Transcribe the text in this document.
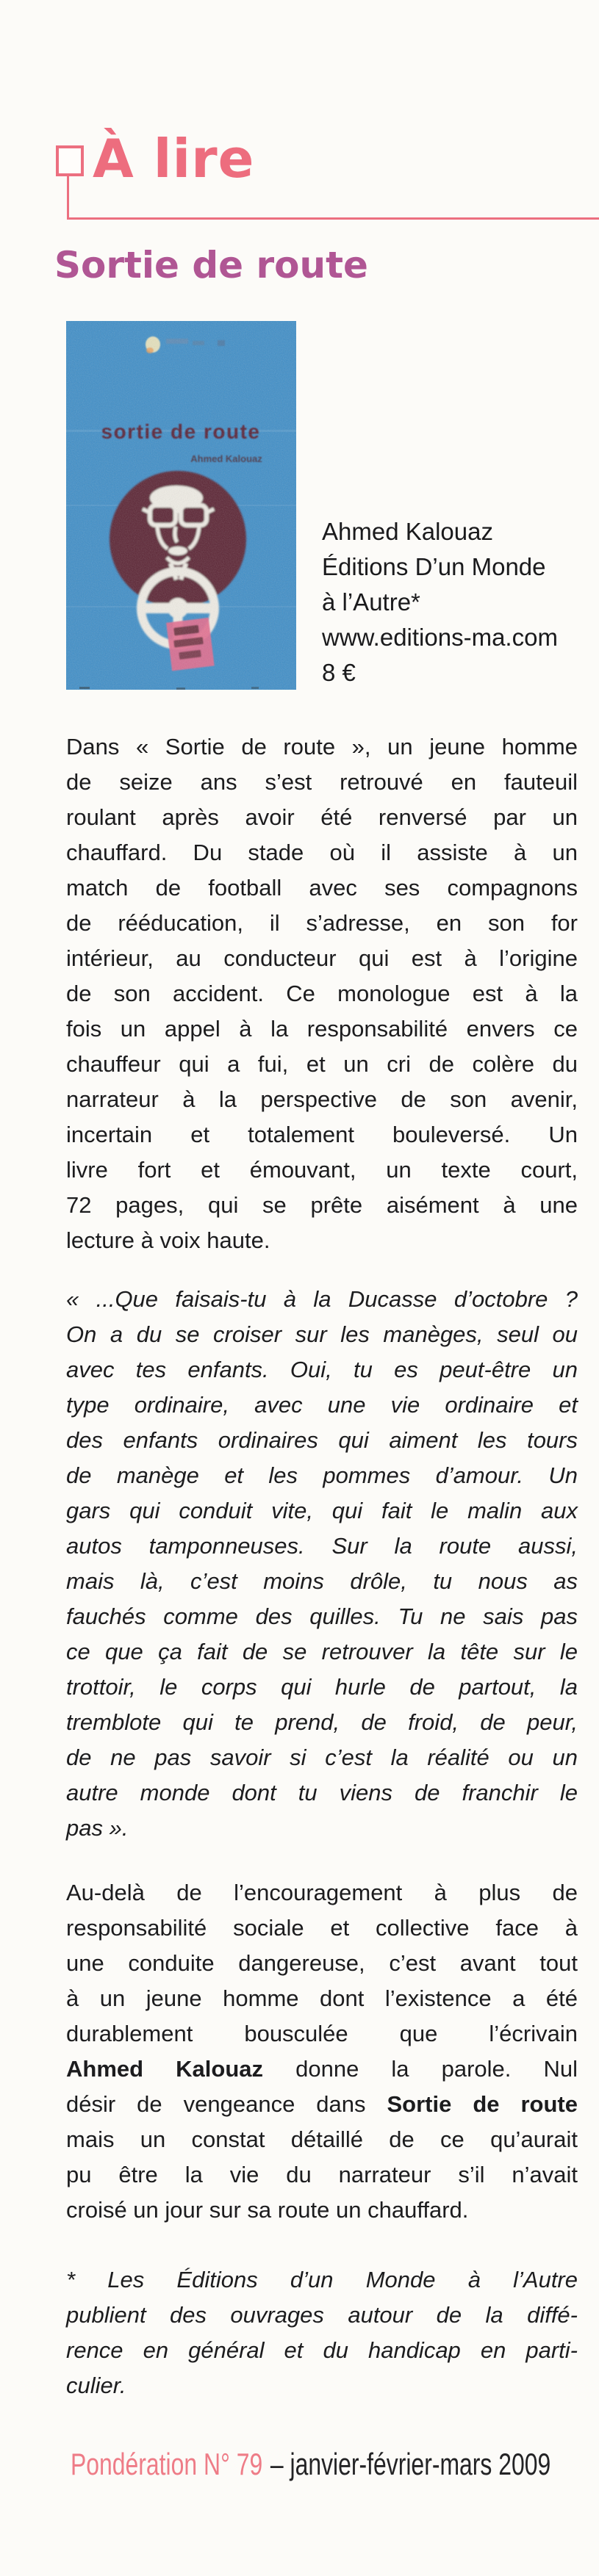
À lire
Sortie de route
Ahmed Kalouaz
Éditions D’un Monde
à l’Autre*
www.editions-ma.com
8 €
Dans « Sortie de route », un jeune homme
de seize ans s’est retrouvé en fauteuil
roulant après avoir été renversé par un
chauffard. Du stade où il assiste à un
match de football avec ses compagnons
de rééducation, il s’adresse, en son for
intérieur, au conducteur qui est à l’origine
de son accident. Ce monologue est à la
fois un appel à la responsabilité envers ce
chauffeur qui a fui, et un cri de colère du
narrateur à la perspective de son avenir,
incertain et totalement bouleversé. Un
livre fort et émouvant, un texte court,
72 pages, qui se prête aisément à une
lecture à voix haute.
« ...Que faisais-tu à la Ducasse d’octobre ?
On a du se croiser sur les manèges, seul ou
avec tes enfants. Oui, tu es peut-être un
type ordinaire, avec une vie ordinaire et
des enfants ordinaires qui aiment les tours
de manège et les pommes d’amour. Un
gars qui conduit vite, qui fait le malin aux
autos tamponneuses. Sur la route aussi,
mais là, c’est moins drôle, tu nous as
fauchés comme des quilles. Tu ne sais pas
ce que ça fait de se retrouver la tête sur le
trottoir, le corps qui hurle de partout, la
tremblote qui te prend, de froid, de peur,
de ne pas savoir si c’est la réalité ou un
autre monde dont tu viens de franchir le
pas ».
Au-delà de l’encouragement à plus de
responsabilité sociale et collective face à
une conduite dangereuse, c’est avant tout
à un jeune homme dont l’existence a été
durablement bousculée que l’écrivain
Ahmed Kalouaz donne la parole. Nul
désir de vengeance dans Sortie de route
mais un constat détaillé de ce qu’aurait
pu être la vie du narrateur s’il n’avait
croisé un jour sur sa route un chauffard.
* Les Éditions d’un Monde à l’Autre
publient des ouvrages autour de la diffé-
rence en général et du handicap en parti-
culier.
Pondération N° 79 – janvier-février-mars 2009
